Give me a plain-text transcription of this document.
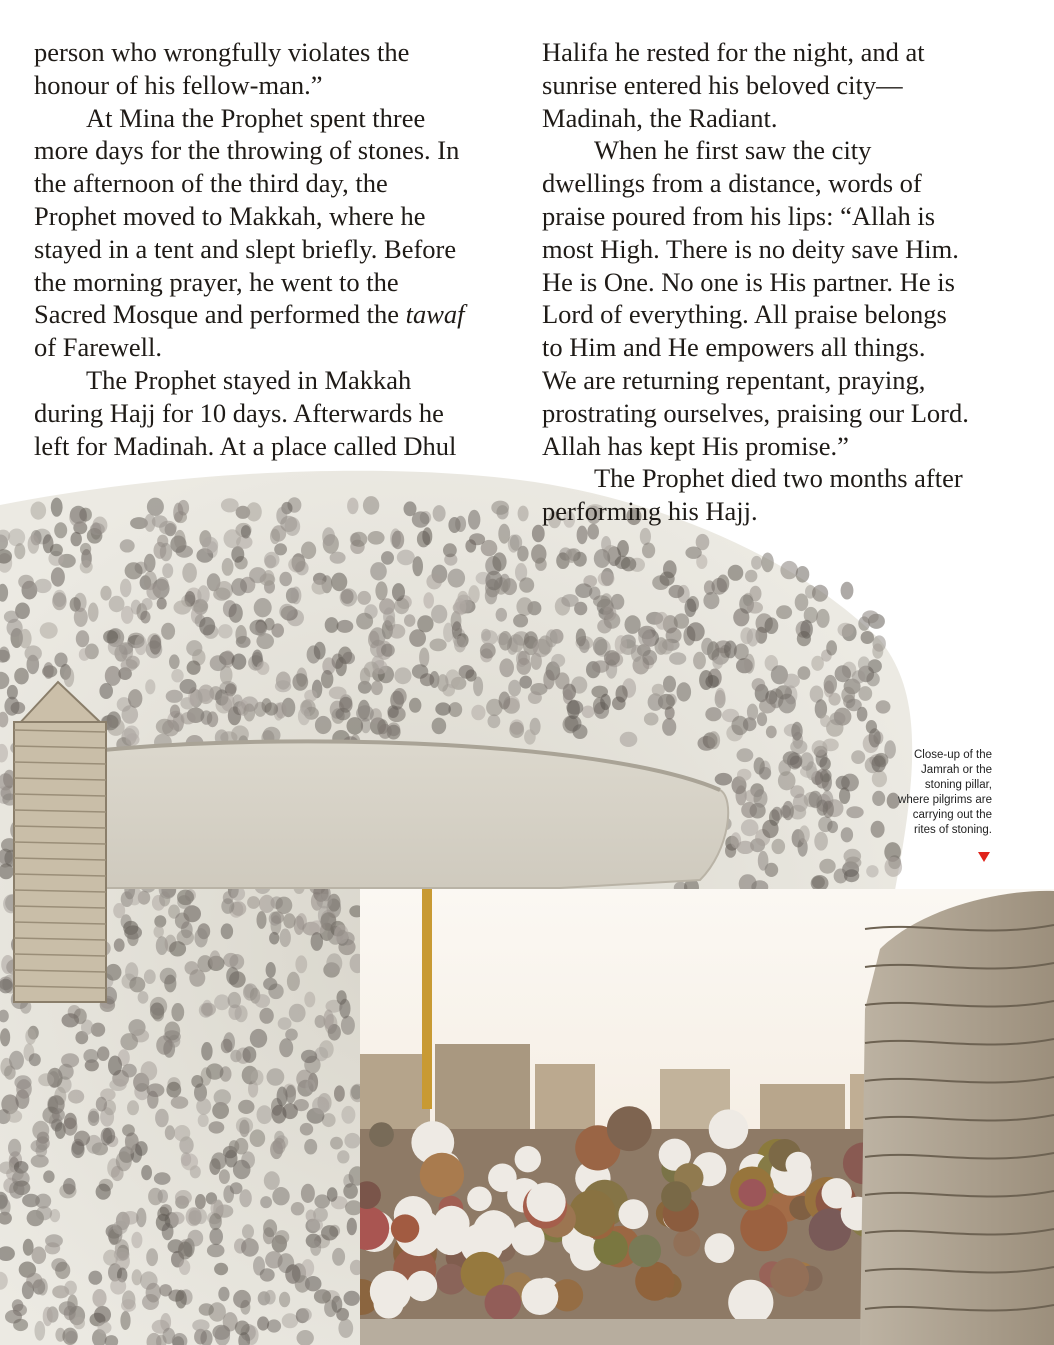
person who wrongfully violates the
honour of his fellow-man.”

At Mina the Prophet spent three
more days for the throwing of stones. In
the afternoon of the third day, the
Prophet moved to Makkah, where he
stayed in a tent and slept briefly. Before
the morning prayer, he went to the
Sacred Mosque and performed the tawaf
of Farewell.

The Prophet stayed in Makkah
during Hajj for 10 days. Afterwards he
left for Madinah. At a place called Dhul

Halifa he rested for the night, and at
sunrise entered his beloved city—
Madinah, the Radiant.

When he first saw the city
dwellings from a distance, words of
praise poured from his lips: “Allah is
most High. There is no deity save Him.
He is One. No one is His partner. He is
Lord of everything. All praise belongs
to Him and He empowers all things.
We are returning repentant, praying,
prostrating ourselves, praising our Lord.
Allah has kept His promise.”

The Prophet died two months after
performing his Hajj.

Close-up of the
Jamrah or the
stoning pillar,
where pilgrims are
carrying out the
rites of stoning.
